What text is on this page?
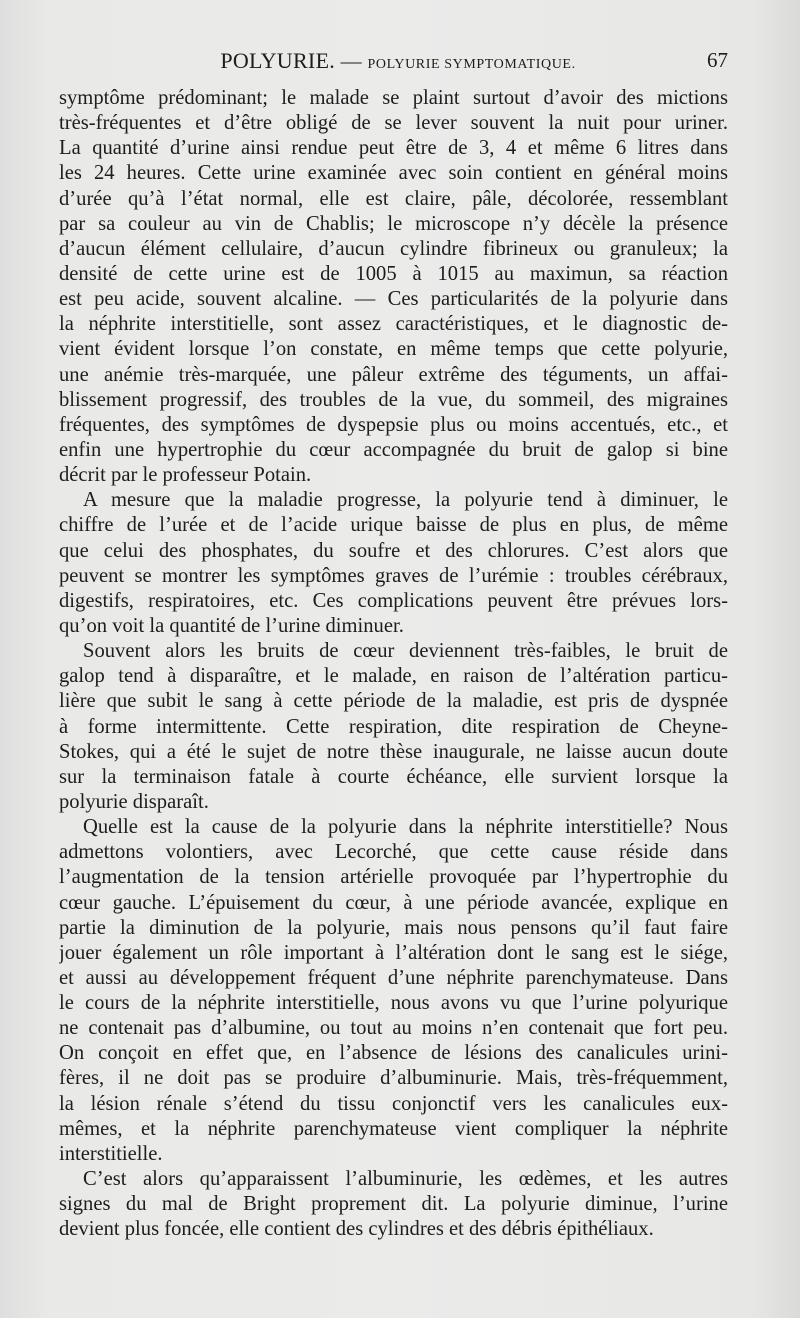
POLYURIE. — POLYURIE SYMPTOMATIQUE.	67
symptôme prédominant; le malade se plaint surtout d’avoir des mictions
très-fréquentes et d’être obligé de se lever souvent la nuit pour uriner.
La quantité d’urine ainsi rendue peut être de 3, 4 et même 6 litres dans
les 24 heures. Cette urine examinée avec soin contient en général moins
d’urée qu’à l’état normal, elle est claire, pâle, décolorée, ressemblant
par sa couleur au vin de Chablis; le microscope n’y décèle la présence
d’aucun élément cellulaire, d’aucun cylindre fibrineux ou granuleux; la
densité de cette urine est de 1005 à 1015 au maximun, sa réaction
est peu acide, souvent alcaline. — Ces particularités de la polyurie dans
la néphrite interstitielle, sont assez caractéristiques, et le diagnostic de-
vient évident lorsque l’on constate, en même temps que cette polyurie,
une anémie très-marquée, une pâleur extrême des téguments, un affai-
blissement progressif, des troubles de la vue, du sommeil, des migraines
fréquentes, des symptômes de dyspepsie plus ou moins accentués, etc., et
enfin une hypertrophie du cœur accompagnée du bruit de galop si bine
décrit par le professeur Potain.
A mesure que la maladie progresse, la polyurie tend à diminuer, le
chiffre de l’urée et de l’acide urique baisse de plus en plus, de même
que celui des phosphates, du soufre et des chlorures. C’est alors que
peuvent se montrer les symptômes graves de l’urémie : troubles cérébraux,
digestifs, respiratoires, etc. Ces complications peuvent être prévues lors-
qu’on voit la quantité de l’urine diminuer.
Souvent alors les bruits de cœur deviennent très-faibles, le bruit de
galop tend à disparaître, et le malade, en raison de l’altération particu-
lière que subit le sang à cette période de la maladie, est pris de dyspnée
à forme intermittente. Cette respiration, dite respiration de Cheyne-
Stokes, qui a été le sujet de notre thèse inaugurale, ne laisse aucun doute
sur la terminaison fatale à courte échéance, elle survient lorsque la
polyurie disparaît.
Quelle est la cause de la polyurie dans la néphrite interstitielle? Nous
admettons volontiers, avec Lecorché, que cette cause réside dans
l’augmentation de la tension artérielle provoquée par l’hypertrophie du
cœur gauche. L’épuisement du cœur, à une période avancée, explique en
partie la diminution de la polyurie, mais nous pensons qu’il faut faire
jouer également un rôle important à l’altération dont le sang est le siége,
et aussi au développement fréquent d’une néphrite parenchymateuse. Dans
le cours de la néphrite interstitielle, nous avons vu que l’urine polyurique
ne contenait pas d’albumine, ou tout au moins n’en contenait que fort peu.
On conçoit en effet que, en l’absence de lésions des canalicules urini-
fères, il ne doit pas se produire d’albuminurie. Mais, très-fréquemment,
la lésion rénale s’étend du tissu conjonctif vers les canalicules eux-
mêmes, et la néphrite parenchymateuse vient compliquer la néphrite
interstitielle.
C’est alors qu’apparaissent l’albuminurie, les œdèmes, et les autres
signes du mal de Bright proprement dit. La polyurie diminue, l’urine
devient plus foncée, elle contient des cylindres et des débris épithéliaux.
